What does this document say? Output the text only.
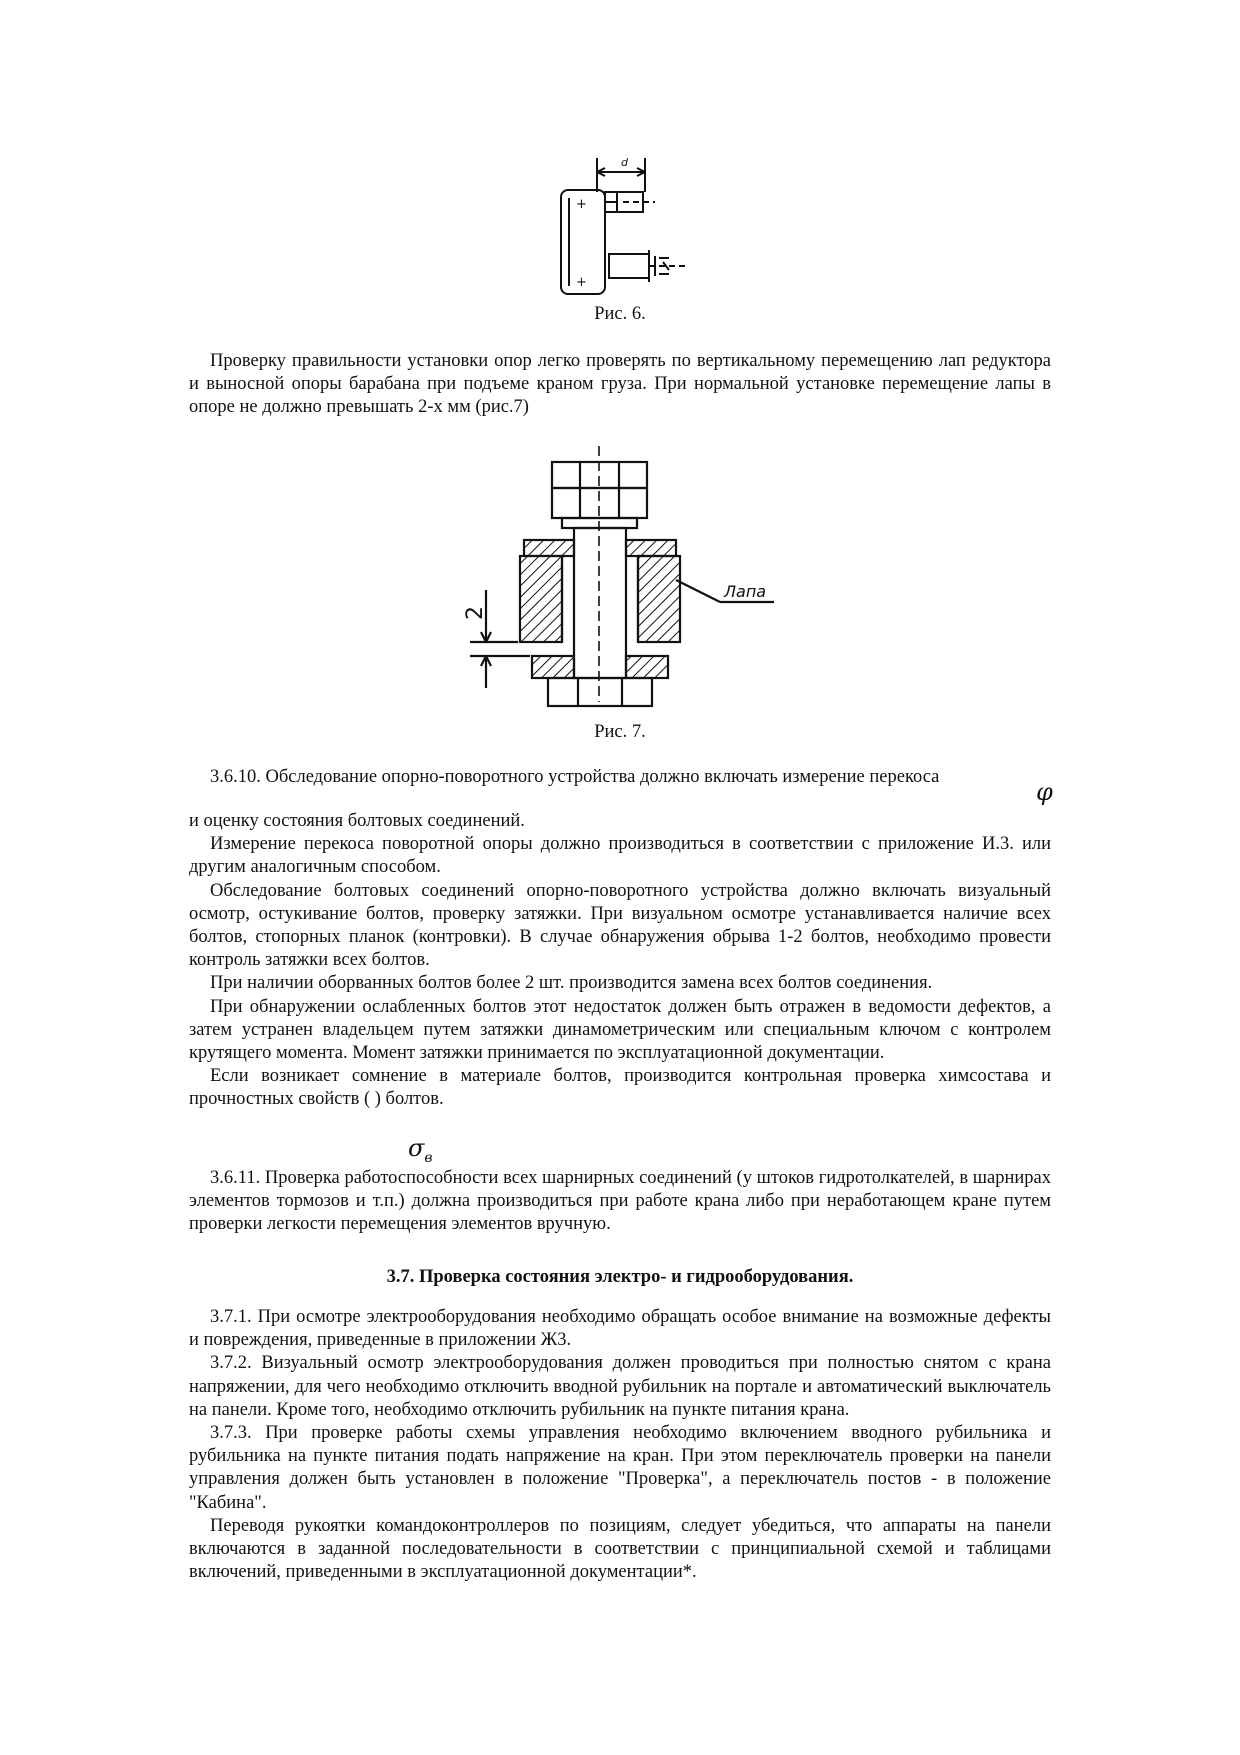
d
+
+
Рис. 6.

Проверку правильности установки опор легко проверять по вертикальному перемещению лап редуктора и выносной опоры барабана при подъеме краном груза. При нормальной установке перемещение лапы в опоре не должно превышать 2-х мм (рис.7)

2
Лапа
Рис. 7.

3.6.10. Обследование опорно-поворотного устройства должно включать измерение перекоса

φ

и оценку состояния болтовых соединений.

Измерение перекоса поворотной опоры должно производиться в соответствии с приложение И.3. или другим аналогичным способом.

Обследование болтовых соединений опорно-поворотного устройства должно включать визуальный осмотр, остукивание болтов, проверку затяжки. При визуальном осмотре устанавливается наличие всех болтов, стопорных планок (контровки). В случае обнаружения обрыва 1-2 болтов, необходимо провести контроль затяжки всех болтов.

При наличии оборванных болтов более 2 шт. производится замена всех болтов соединения.

При обнаружении ослабленных болтов этот недостаток должен быть отражен в ведомости дефектов, а затем устранен владельцем путем затяжки динамометрическим или специальным ключом с контролем крутящего момента. Момент затяжки принимается по эксплуатационной документации.

Если возникает сомнение в материале болтов, производится контрольная проверка химсостава и прочностных свойств ( ) болтов.

$\sigma_в$

3.6.11. Проверка работоспособности всех шарнирных соединений (у штоков гидротолкателей, в шарнирах элементов тормозов и т.п.) должна производиться при работе крана либо при неработающем кране путем проверки легкости перемещения элементов вручную.

3.7. Проверка состояния электро- и гидрооборудования.

3.7.1. При осмотре электрооборудования необходимо обращать особое внимание на возможные дефекты и повреждения, приведенные в приложении Ж3.

3.7.2. Визуальный осмотр электрооборудования должен проводиться при полностью снятом с крана напряжении, для чего необходимо отключить вводной рубильник на портале и автоматический выключатель на панели. Кроме того, необходимо отключить рубильник на пункте питания крана.

3.7.3. При проверке работы схемы управления необходимо включением вводного рубильника и рубильника на пункте питания подать напряжение на кран. При этом переключатель проверки на панели управления должен быть установлен в положение "Проверка", а переключатель постов - в положение "Кабина".

Переводя рукоятки командоконтроллеров по позициям, следует убедиться, что аппараты на панели включаются в заданной последовательности в соответствии с принципиальной схемой и таблицами включений, приведенными в эксплуатационной документации*.
